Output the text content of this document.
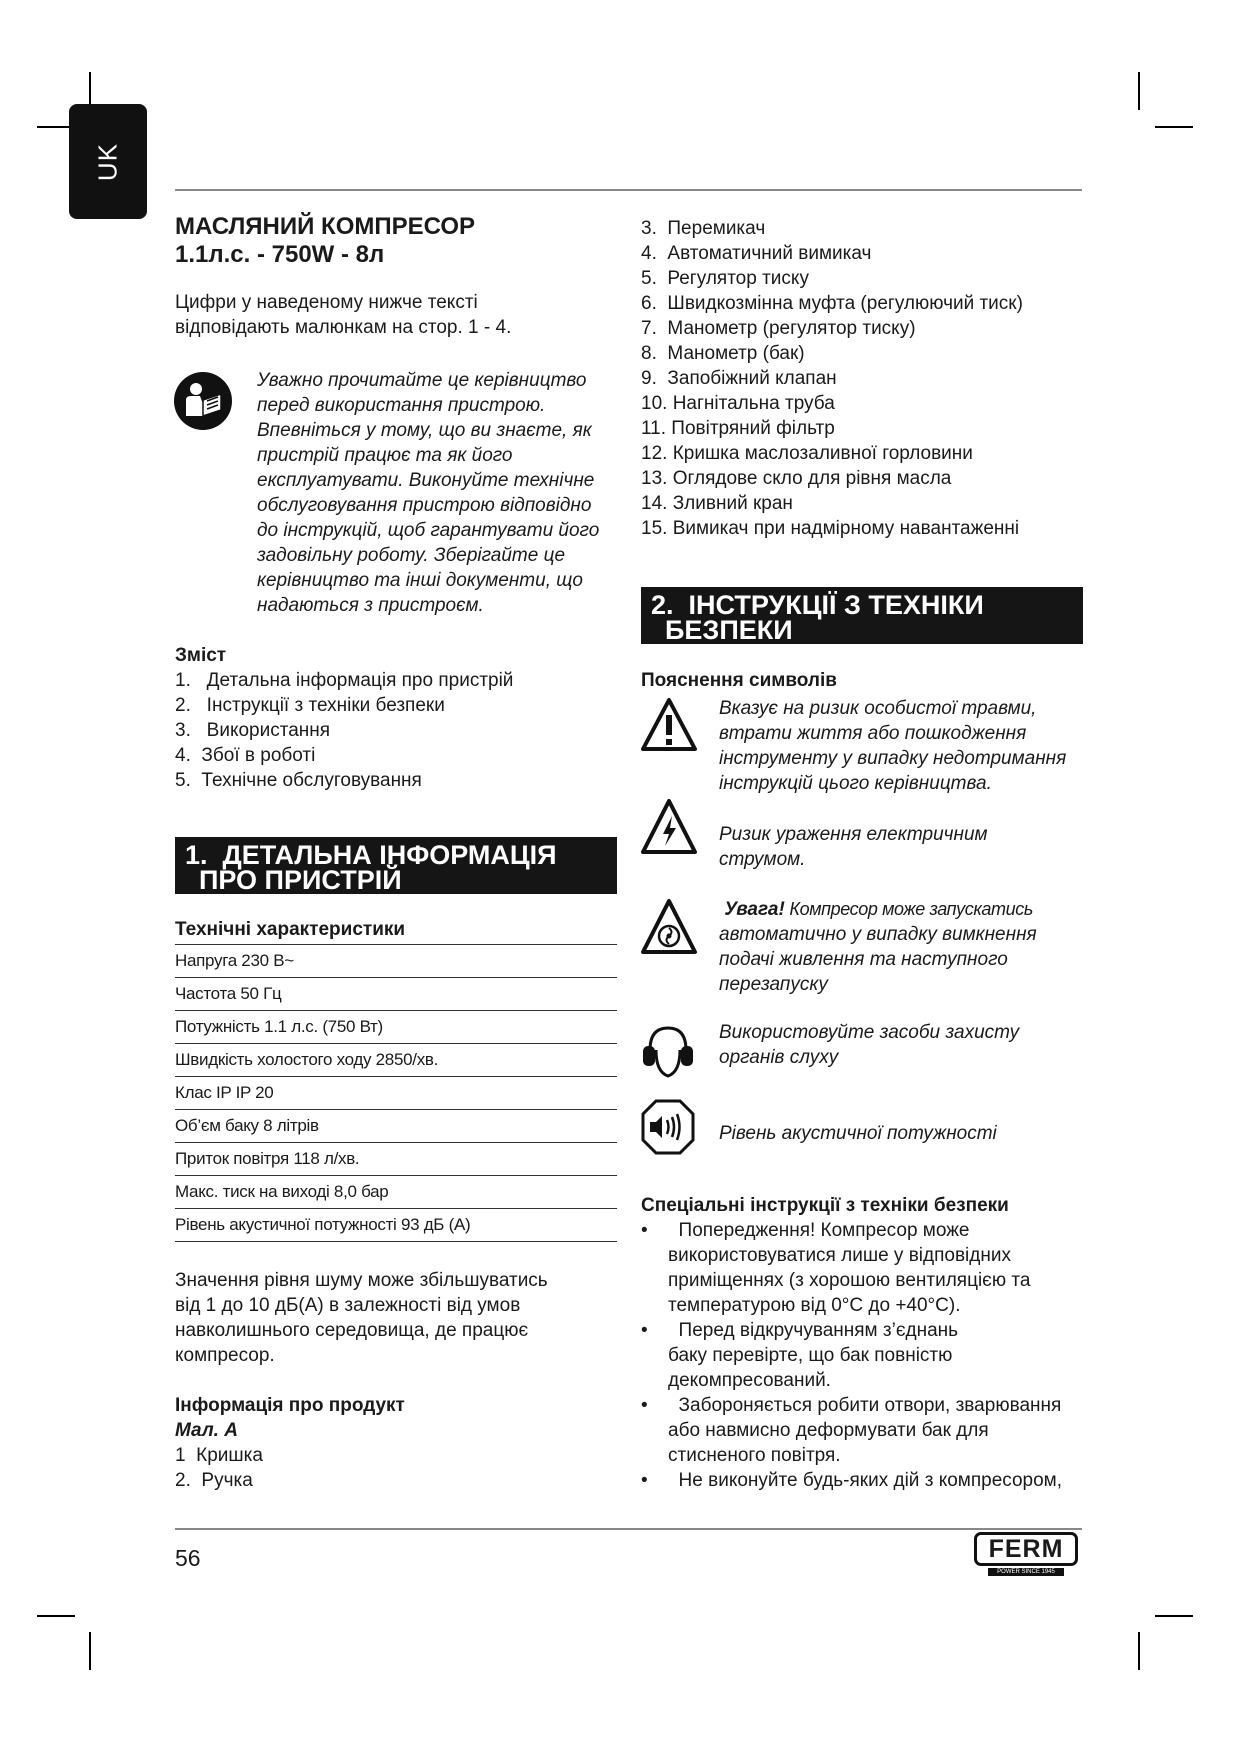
UK
МАСЛЯНИЙ КОМПРЕСОР
1.1л.с. - 750W - 8л
Цифри у наведеному нижче тексті
відповідають малюнкам на стор. 1 - 4.
Уважно прочитайте це керівництво
перед використання пристрою.
Впевніться у тому, що ви знаєте, як
пристрій працює та як його
експлуатувати. Виконуйте технічне
обслуговування пристрою відповідно
до інструкцій, щоб гарантувати його
задовільну роботу. Зберігайте це
керівництво та інші документи, що
надаються з пристроєм.
Зміст
1.   Детальна інформація про пристрій
2.   Інструкції з техніки безпеки
3.   Використання
4.  Збої в роботі
5.  Технічне обслуговування
1.  ДЕТАЛЬНА ІНФОРМАЦІЯ
ПРО ПРИСТРІЙ
Технічні характеристики
Напруга 230 В~
Частота 50 Гц
Потужність 1.1 л.с. (750 Вт)
Швидкість холостого ходу 2850/хв.
Клас IP IP 20
Об’єм баку 8 літрів
Приток повітря 118 л/хв.
Макс. тиск на виході 8,0 бар
Рівень акустичної потужності 93 дБ (A)
Значення рівня шуму може збільшуватись
від 1 до 10 дБ(А) в залежності від умов
навколишнього середовища, де працює
компресор.
Інформація про продукт
Мал. A
1  Кришка
2.  Ручка
3.  Перемикач
4.  Автоматичний вимикач
5.  Регулятор тиску
6.  Швидкозмінна муфта (регулюючий тиск)
7.  Манометр (регулятор тиску)
8.  Манометр (бак)
9.  Запобіжний клапан
10. Нагнітальна труба
11. Повітряний фільтр
12. Кришка маслозаливної горловини
13. Оглядове скло для рівня масла
14. Зливний кран
15. Вимикач при надмірному навантаженні
2.  ІНСТРУКЦІЇ З ТЕХНІКИ
БЕЗПЕКИ
Пояснення символів
Вказує на ризик особистої травми,
втрати життя або пошкодження
інструменту у випадку недотримання
інструкцій цього керівництва.
Ризик ураження електричним
струмом.
Увага! Компресор може запускатись
автоматично у випадку вимкнення
подачі живлення та наступного
перезапуску
Використовуйте засоби захисту
органів слуху
Рівень акустичної потужності
Спеціальні інструкції з техніки безпеки
•   Попередження! Компресор може
використовуватися лише у відповідних
приміщеннях (з хорошою вентиляцією та
температурою від 0°C до +40°C).
•   Перед відкручуванням з’єднань
баку перевірте, що бак повністю
декомпресований.
•   Забороняється робити отвори, зварювання
або навмисно деформувати бак для
стисненого повітря.
•   Не виконуйте будь-яких дій з компресором,
56	FERM
POWER SINCE 1945
